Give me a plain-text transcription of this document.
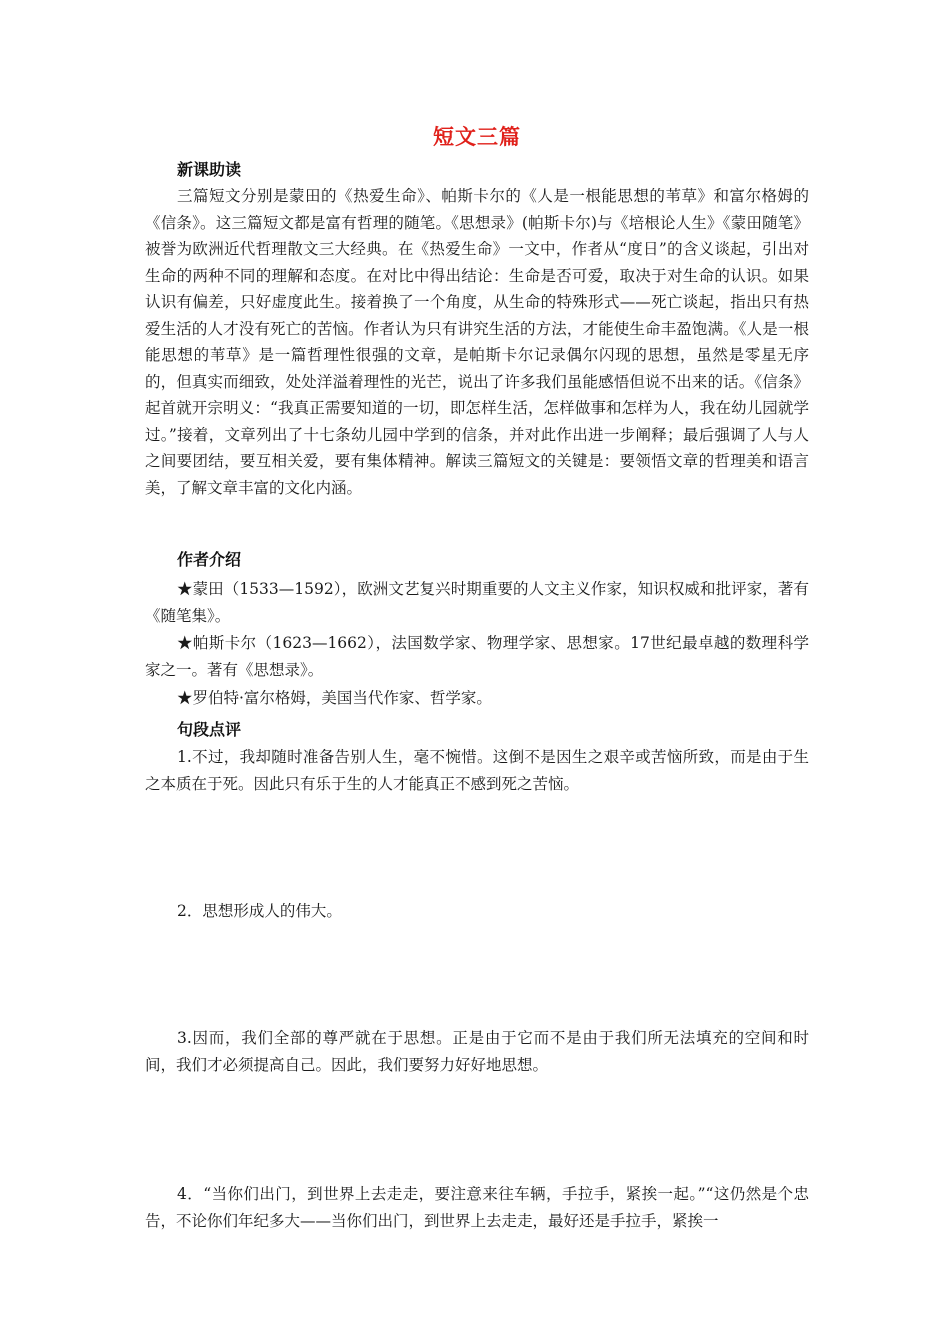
短文三篇
新课助读

三篇短文分别是蒙田的《热爱生命》、帕斯卡尔的《人是一根能思想的苇草》和富尔格姆的《信条》。这三篇短文都是富有哲理的随笔。《思想录》(帕斯卡尔)与《培根论人生》《蒙田随笔》被誉为欧洲近代哲理散文三大经典。在《热爱生命》一文中，作者从“度日”的含义谈起，引出对生命的两种不同的理解和态度。在对比中得出结论：生命是否可爱，取决于对生命的认识。如果认识有偏差，只好虚度此生。接着换了一个角度，从生命的特殊形式——死亡谈起，指出只有热爱生活的人才没有死亡的苦恼。作者认为只有讲究生活的方法，才能使生命丰盈饱满。《人是一根能思想的苇草》是一篇哲理性很强的文章，是帕斯卡尔记录偶尔闪现的思想，虽然是零星无序的，但真实而细致，处处洋溢着理性的光芒，说出了许多我们虽能感悟但说不出来的话。《信条》起首就开宗明义：“我真正需要知道的一切，即怎样生活，怎样做事和怎样为人，我在幼儿园就学过。”接着，文章列出了十七条幼儿园中学到的信条，并对此作出进一步阐释；最后强调了人与人之间要团结，要互相关爱，要有集体精神。解读三篇短文的关键是：要领悟文章的哲理美和语言美，了解文章丰富的文化内涵。

作者介绍

★蒙田（1533—1592），欧洲文艺复兴时期重要的人文主义作家，知识权威和批评家，著有《随笔集》。

★帕斯卡尔（1623—1662），法国数学家、物理学家、思想家。17世纪最卓越的数理科学家之一。著有《思想录》。

★罗伯特·富尔格姆，美国当代作家、哲学家。

句段点评

1.不过，我却随时准备告别人生，毫不惋惜。这倒不是因生之艰辛或苦恼所致，而是由于生之本质在于死。因此只有乐于生的人才能真正不感到死之苦恼。

2．思想形成人的伟大。

3.因而，我们全部的尊严就在于思想。正是由于它而不是由于我们所无法填充的空间和时间，我们才必须提高自己。因此，我们要努力好好地思想。

4．“当你们出门，到世界上去走走，要注意来往车辆，手拉手，紧挨一起。”“这仍然是个忠告，不论你们年纪多大——当你们出门，到世界上去走走，最好还是手拉手，紧挨一
